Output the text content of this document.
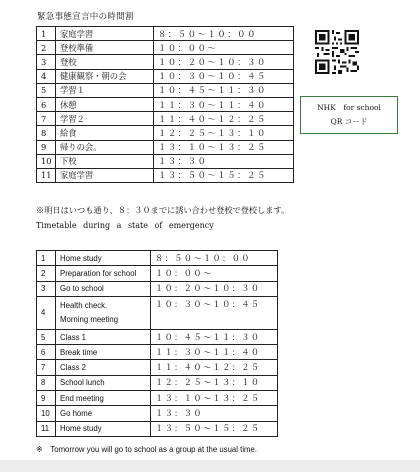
緊急事態宣言中の時間割
1	家庭学習	８：５０～１０：００
2	登校準備	１０：００～
3	登校	１０：２０～１０：３０
4	健康観察・朝の会	１０：３０～１０：４５
5	学習１	１０：４５～１１：３０
6	休憩	１１：３０～１１：４０
7	学習２	１１：４０～１２：２５
8	給食	１２：２５～１３：１０
9	帰りの会。	１３：１０～１３：２５
10	下校	１３：３０
11	家庭学習	１３：５０～１５：２５
NHK　for school
QR コード
※明日はいつも通り、８：３０までに誘い合わせ登校で登校します。
Timetable during a state of emergency
1	Home study	８：５０～１０：００
2	Preparation for school	１０：００～
3	Go to school	１０：２０～１０：３０
4	Health check.
Morning meeting	１０：３０～１０：４５
5	Class 1	１０：４５～１１：３０
6	Break time	１１：３０～１１：４０
7	Class 2	１１：４０～１２：２５
8	School lunch	１２：２５～１３：１０
9	End meeting	１３：１０～１３：２５
10	Go home	１３：３０
11	Home study	１３：５０～１５：２５
※　Tomorrow you will go to school as a group at the usual time.
